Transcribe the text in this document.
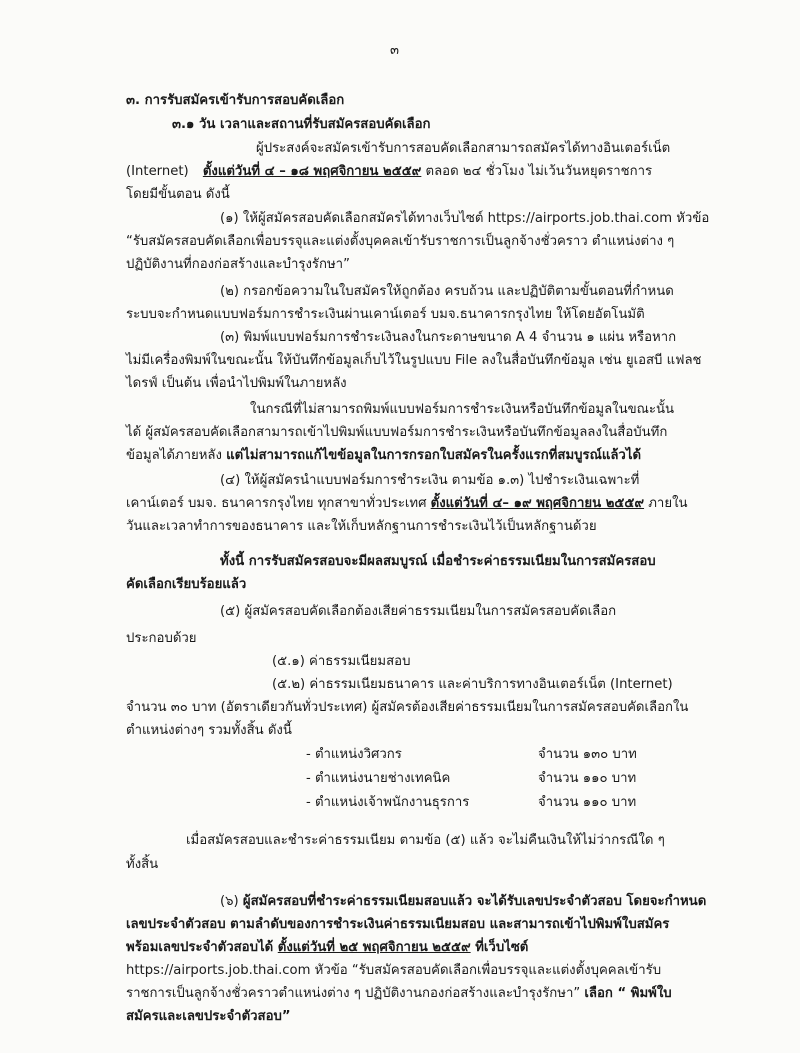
๓
๓. การรับสมัครเข้ารับการสอบคัดเลือก
๓.๑ วัน เวลาและสถานที่รับสมัครสอบคัดเลือก
ผู้ประสงค์จะสมัครเข้ารับการสอบคัดเลือกสามารถสมัครได้ทางอินเตอร์เน็ต
(Internet) ตั้งแต่วันที่ ๔ – ๑๘ พฤศจิกายน ๒๕๕๙ ตลอด ๒๔ ชั่วโมง ไม่เว้นวันหยุดราชการ
โดยมีขั้นตอน ดังนี้
(๑) ให้ผู้สมัครสอบคัดเลือกสมัครได้ทางเว็บไซต์ https://airports.job.thai.com หัวข้อ
“รับสมัครสอบคัดเลือกเพื่อบรรจุและแต่งตั้งบุคคลเข้ารับราชการเป็นลูกจ้างชั่วคราว ตำแหน่งต่าง ๆ
ปฏิบัติงานที่กองก่อสร้างและบำรุงรักษา”
(๒) กรอกข้อความในใบสมัครให้ถูกต้อง ครบถ้วน และปฏิบัติตามขั้นตอนที่กำหนด
ระบบจะกำหนดแบบฟอร์มการชำระเงินผ่านเคาน์เตอร์ บมจ.ธนาคารกรุงไทย ให้โดยอัตโนมัติ
(๓) พิมพ์แบบฟอร์มการชำระเงินลงในกระดาษขนาด A 4 จำนวน ๑ แผ่น หรือหาก
ไม่มีเครื่องพิมพ์ในขณะนั้น ให้บันทึกข้อมูลเก็บไว้ในรูปแบบ File ลงในสื่อบันทึกข้อมูล เช่น ยูเอสบี แฟลช
ไดรฟ์ เป็นต้น เพื่อนำไปพิมพ์ในภายหลัง
ในกรณีที่ไม่สามารถพิมพ์แบบฟอร์มการชำระเงินหรือบันทึกข้อมูลในขณะนั้น
ได้ ผู้สมัครสอบคัดเลือกสามารถเข้าไปพิมพ์แบบฟอร์มการชำระเงินหรือบันทึกข้อมูลลงในสื่อบันทึก
ข้อมูลได้ภายหลัง แต่ไม่สามารถแก้ไขข้อมูลในการกรอกใบสมัครในครั้งแรกที่สมบูรณ์แล้วได้
(๔) ให้ผู้สมัครนำแบบฟอร์มการชำระเงิน ตามข้อ ๑.๓) ไปชำระเงินเฉพาะที่
เคาน์เตอร์ บมจ. ธนาคารกรุงไทย ทุกสาขาทั่วประเทศ ตั้งแต่วันที่ ๔– ๑๙ พฤศจิกายน ๒๕๕๙ ภายใน
วันและเวลาทำการของธนาคาร และให้เก็บหลักฐานการชำระเงินไว้เป็นหลักฐานด้วย
ทั้งนี้ การรับสมัครสอบจะมีผลสมบูรณ์ เมื่อชำระค่าธรรมเนียมในการสมัครสอบ
คัดเลือกเรียบร้อยแล้ว
(๕) ผู้สมัครสอบคัดเลือกต้องเสียค่าธรรมเนียมในการสมัครสอบคัดเลือก
ประกอบด้วย
(๕.๑) ค่าธรรมเนียมสอบ
(๕.๒) ค่าธรรมเนียมธนาคาร และค่าบริการทางอินเตอร์เน็ต (Internet)
จำนวน ๓๐ บาท (อัตราเดียวกันทั่วประเทศ) ผู้สมัครต้องเสียค่าธรรมเนียมในการสมัครสอบคัดเลือกใน
ตำแหน่งต่างๆ รวมทั้งสิ้น ดังนี้
- ตำแหน่งวิศวกร	จำนวน ๑๓๐ บาท
- ตำแหน่งนายช่างเทคนิค	จำนวน ๑๑๐ บาท
- ตำแหน่งเจ้าพนักงานธุรการ	จำนวน ๑๑๐ บาท
เมื่อสมัครสอบและชำระค่าธรรมเนียม ตามข้อ (๕) แล้ว จะไม่คืนเงินให้ไม่ว่ากรณีใด ๆ
ทั้งสิ้น
(๖) ผู้สมัครสอบที่ชำระค่าธรรมเนียมสอบแล้ว จะได้รับเลขประจำตัวสอบ โดยจะกำหนด
เลขประจำตัวสอบ ตามลำดับของการชำระเงินค่าธรรมเนียมสอบ และสามารถเข้าไปพิมพ์ใบสมัคร
พร้อมเลขประจำตัวสอบได้ ตั้งแต่วันที่ ๒๕ พฤศจิกายน ๒๕๕๙ ที่เว็บไซต์
https://airports.job.thai.com หัวข้อ “รับสมัครสอบคัดเลือกเพื่อบรรจุและแต่งตั้งบุคคลเข้ารับ
ราชการเป็นลูกจ้างชั่วคราวตำแหน่งต่าง ๆ ปฏิบัติงานกองก่อสร้างและบำรุงรักษา” เลือก “ พิมพ์ใบ
สมัครและเลขประจำตัวสอบ”
